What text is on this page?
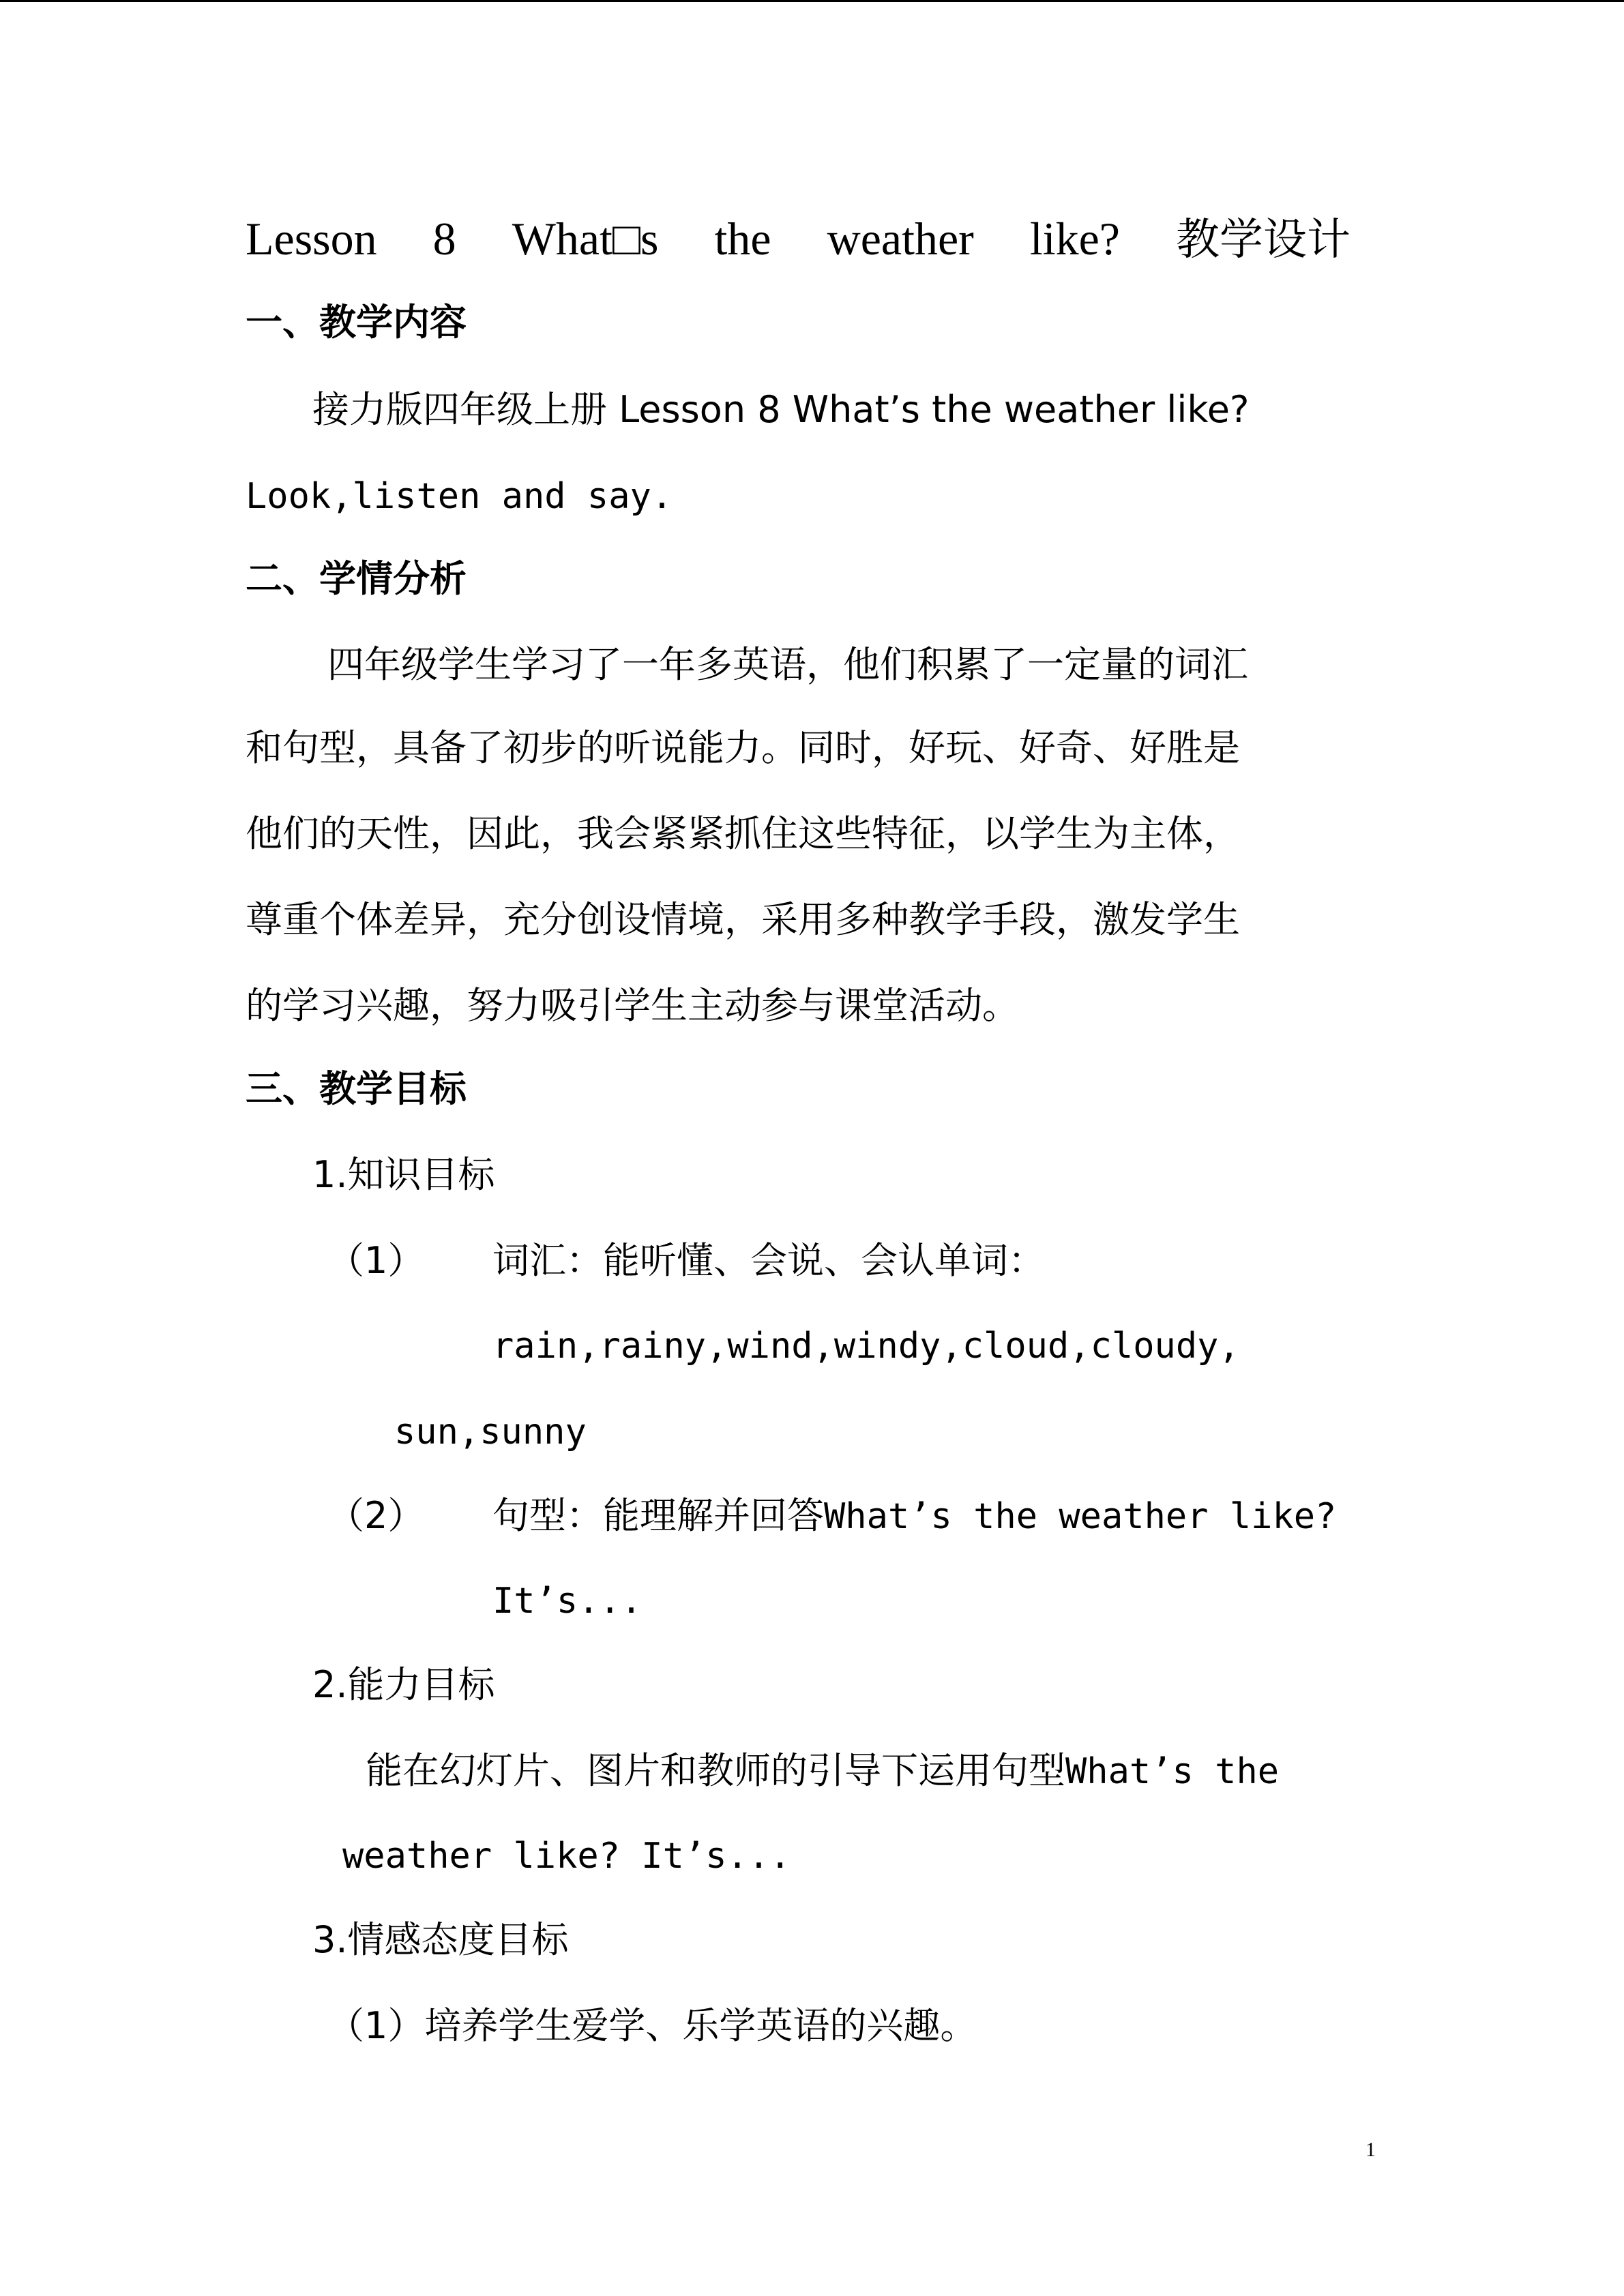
Lesson 8 What□s the weather like? 教学设计
一、教学内容
接力版四年级上册 Lesson 8 What’s the weather like?
Look,listen and say.
二、学情分析
四年级学生学习了一年多英语，他们积累了一定量的词汇
和句型，具备了初步的听说能力。同时，好玩、好奇、好胜是
他们的天性，因此，我会紧紧抓住这些特征，以学生为主体，
尊重个体差异，充分创设情境，采用多种教学手段，激发学生
的学习兴趣，努力吸引学生主动参与课堂活动。
三、教学目标
1.知识目标
（1） 词汇：能听懂、会说、会认单词：
rain,rainy,wind,windy,cloud,cloudy,
sun,sunny
（2） 句型：能理解并回答What’s the weather like?
It’s...
2.能力目标
能在幻灯片、图片和教师的引导下运用句型What’s the
weather like? It’s...
3.情感态度目标
（1）培养学生爱学、乐学英语的兴趣。
1
